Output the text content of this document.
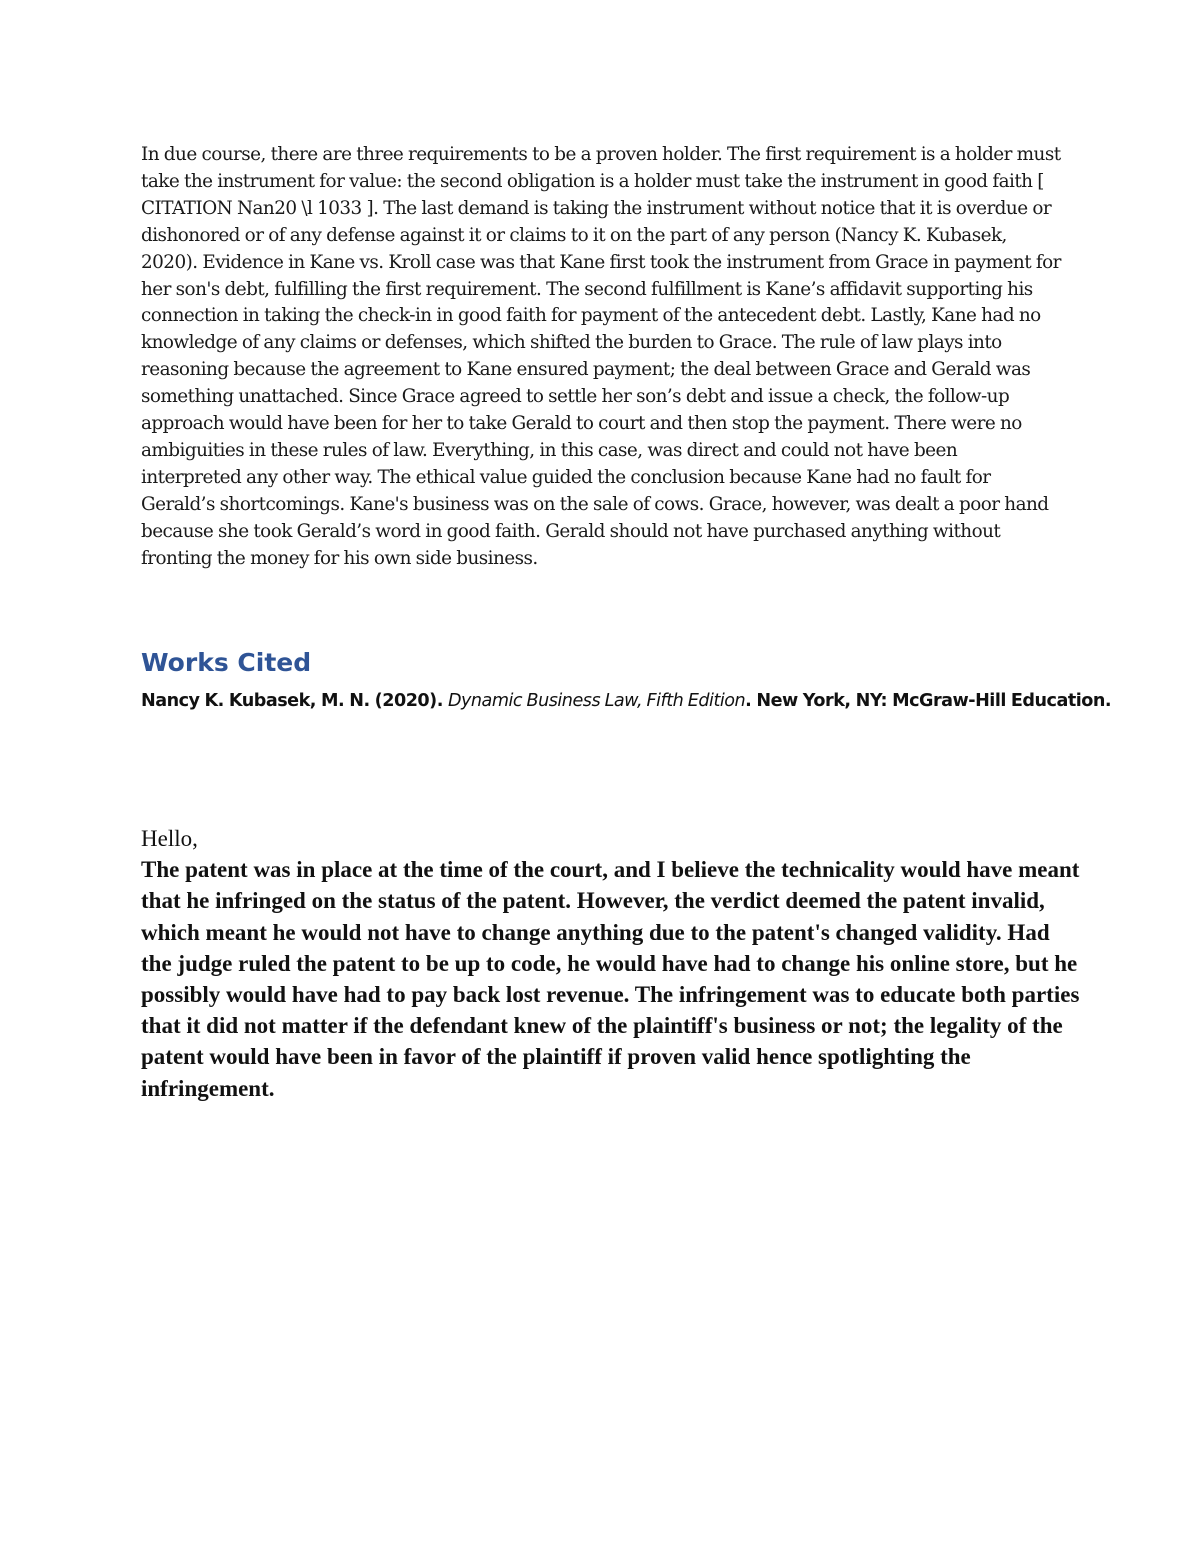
In due course, there are three requirements to be a proven holder. The first requirement is a holder must take the instrument for value: the second obligation is a holder must take the instrument in good faith [ CITATION Nan20 \l 1033 ]. The last demand is taking the instrument without notice that it is overdue or dishonored or of any defense against it or claims to it on the part of any person (Nancy K. Kubasek, 2020). Evidence in Kane vs. Kroll case was that Kane first took the instrument from Grace in payment for her son's debt, fulfilling the first requirement. The second fulfillment is Kane’s affidavit supporting his connection in taking the check-in in good faith for payment of the antecedent debt. Lastly, Kane had no knowledge of any claims or defenses, which shifted the burden to Grace. The rule of law plays into reasoning because the agreement to Kane ensured payment; the deal between Grace and Gerald was something unattached. Since Grace agreed to settle her son’s debt and issue a check, the follow-up approach would have been for her to take Gerald to court and then stop the payment. There were no ambiguities in these rules of law. Everything, in this case, was direct and could not have been interpreted any other way. The ethical value guided the conclusion because Kane had no fault for Gerald’s shortcomings. Kane's business was on the sale of cows. Grace, however, was dealt a poor hand because she took Gerald’s word in good faith. Gerald should not have purchased anything without fronting the money for his own side business.

Works Cited

Nancy K. Kubasek, M. N. (2020). Dynamic Business Law, Fifth Edition. New York, NY: McGraw-Hill Education.

Hello,
The patent was in place at the time of the court, and I believe the technicality would have meant that he infringed on the status of the patent. However, the verdict deemed the patent invalid, which meant he would not have to change anything due to the patent's changed validity. Had the judge ruled the patent to be up to code, he would have had to change his online store, but he possibly would have had to pay back lost revenue. The infringement was to educate both parties that it did not matter if the defendant knew of the plaintiff's business or not; the legality of the patent would have been in favor of the plaintiff if proven valid hence spotlighting the infringement.
